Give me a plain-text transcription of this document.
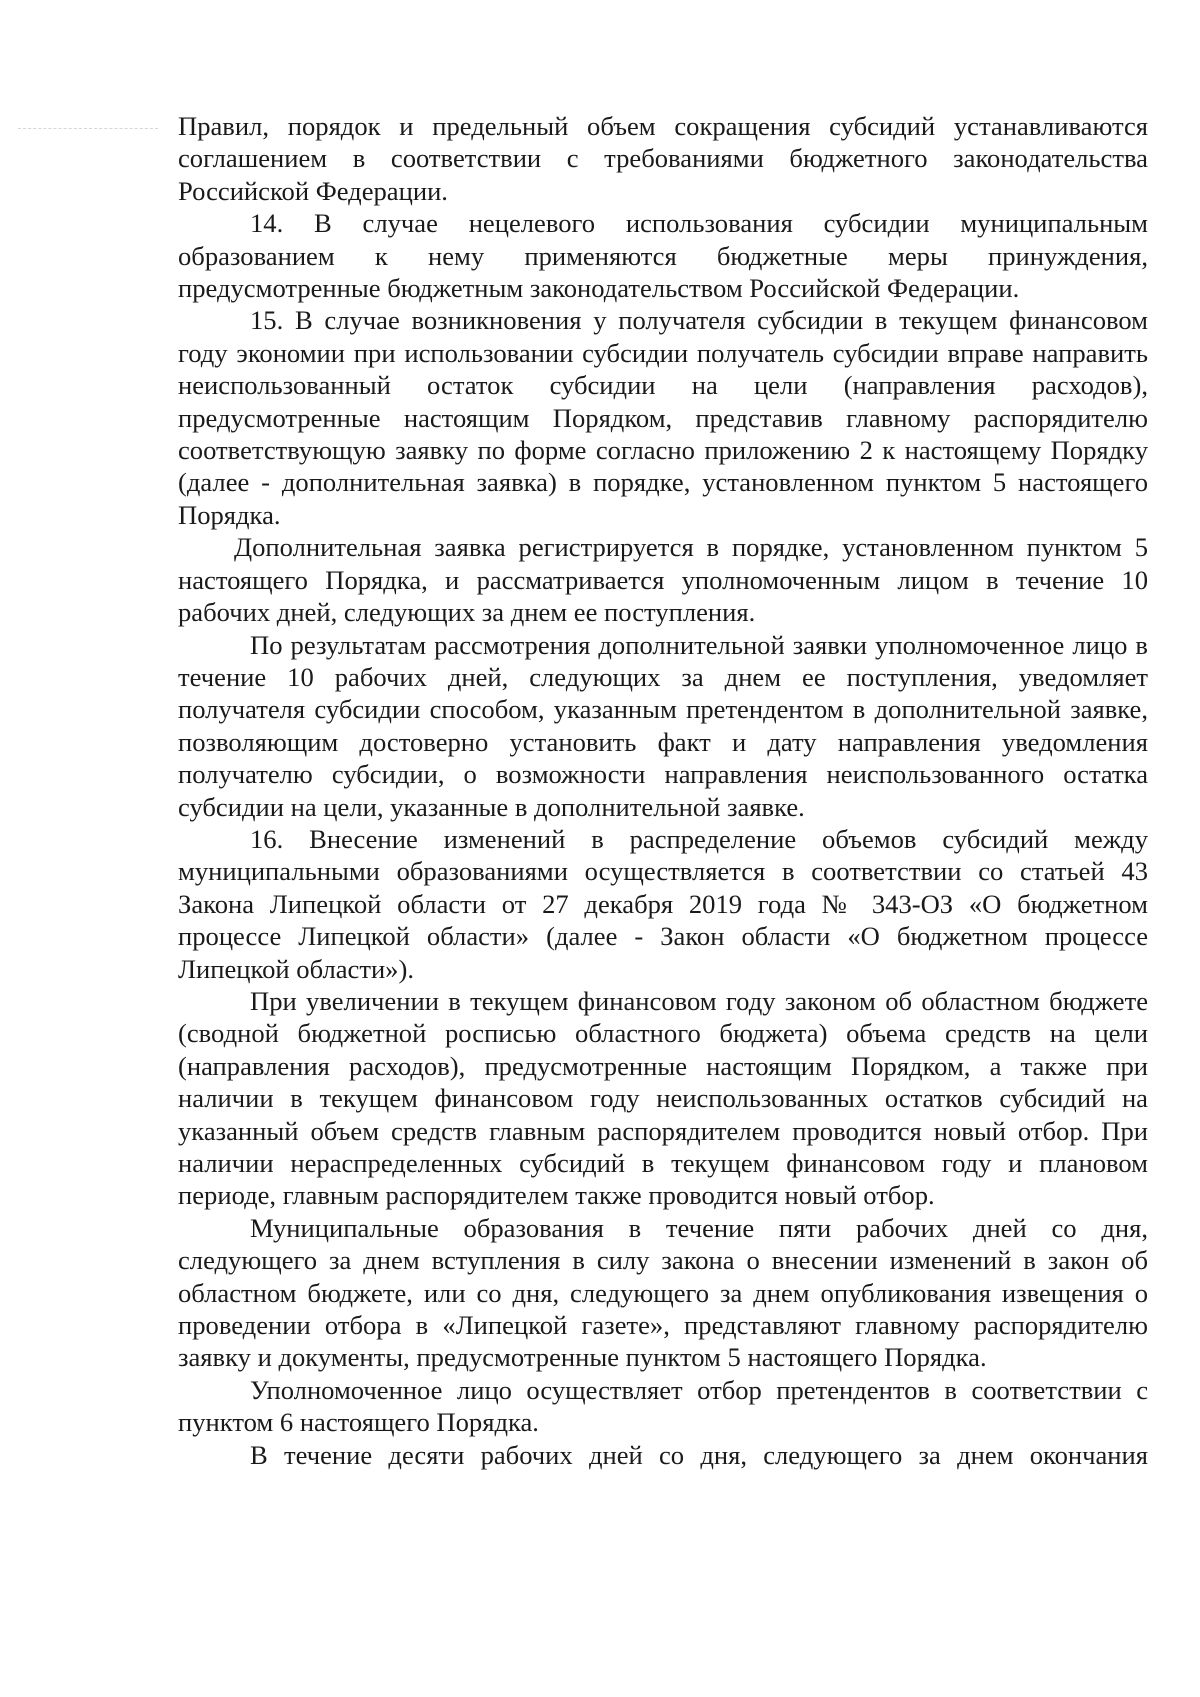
Правил, порядок и предельный объем сокращения субсидий устанавливаются соглашением в соответствии с требованиями бюджетного законодательства Российской Федерации.

14. В случае нецелевого использования субсидии муниципальным образованием к нему применяются бюджетные меры принуждения, предусмотренные бюджетным законодательством Российской Федерации.

15. В случае возникновения у получателя субсидии в текущем финансовом году экономии при использовании субсидии получатель субсидии вправе направить неиспользованный остаток субсидии на цели (направления расходов), предусмотренные настоящим Порядком, представив главному распорядителю соответствующую заявку по форме согласно приложению 2 к настоящему Порядку (далее - дополнительная заявка) в порядке, установленном пунктом 5 настоящего Порядка.

Дополнительная заявка регистрируется в порядке, установленном пунктом 5 настоящего Порядка, и рассматривается уполномоченным лицом в течение 10 рабочих дней, следующих за днем ее поступления.

По результатам рассмотрения дополнительной заявки уполномоченное лицо в течение 10 рабочих дней, следующих за днем ее поступления, уведомляет получателя субсидии способом, указанным претендентом в дополнительной заявке, позволяющим достоверно установить факт и дату направления уведомления получателю субсидии, о возможности направления неиспользованного остатка субсидии на цели, указанные в дополнительной заявке.

16. Внесение изменений в распределение объемов субсидий между муниципальными образованиями осуществляется в соответствии со статьей 43 Закона Липецкой области от 27 декабря 2019 года № 343-ОЗ «О бюджетном процессе Липецкой области» (далее - Закон области «О бюджетном процессе Липецкой области»).

При увеличении в текущем финансовом году законом об областном бюджете (сводной бюджетной росписью областного бюджета) объема средств на цели (направления расходов), предусмотренные настоящим Порядком, а также при наличии в текущем финансовом году неиспользованных остатков субсидий на указанный объем средств главным распорядителем проводится новый отбор. При наличии нераспределенных субсидий в текущем финансовом году и плановом периоде, главным распорядителем также проводится новый отбор.

Муниципальные образования в течение пяти рабочих дней со дня, следующего за днем вступления в силу закона о внесении изменений в закон об областном бюджете, или со дня, следующего за днем опубликования извещения о проведении отбора в «Липецкой газете», представляют главному распорядителю заявку и документы, предусмотренные пунктом 5 настоящего Порядка.

Уполномоченное лицо осуществляет отбор претендентов в соответствии с пунктом 6 настоящего Порядка.

В течение десяти рабочих дней со дня, следующего за днем окончания
